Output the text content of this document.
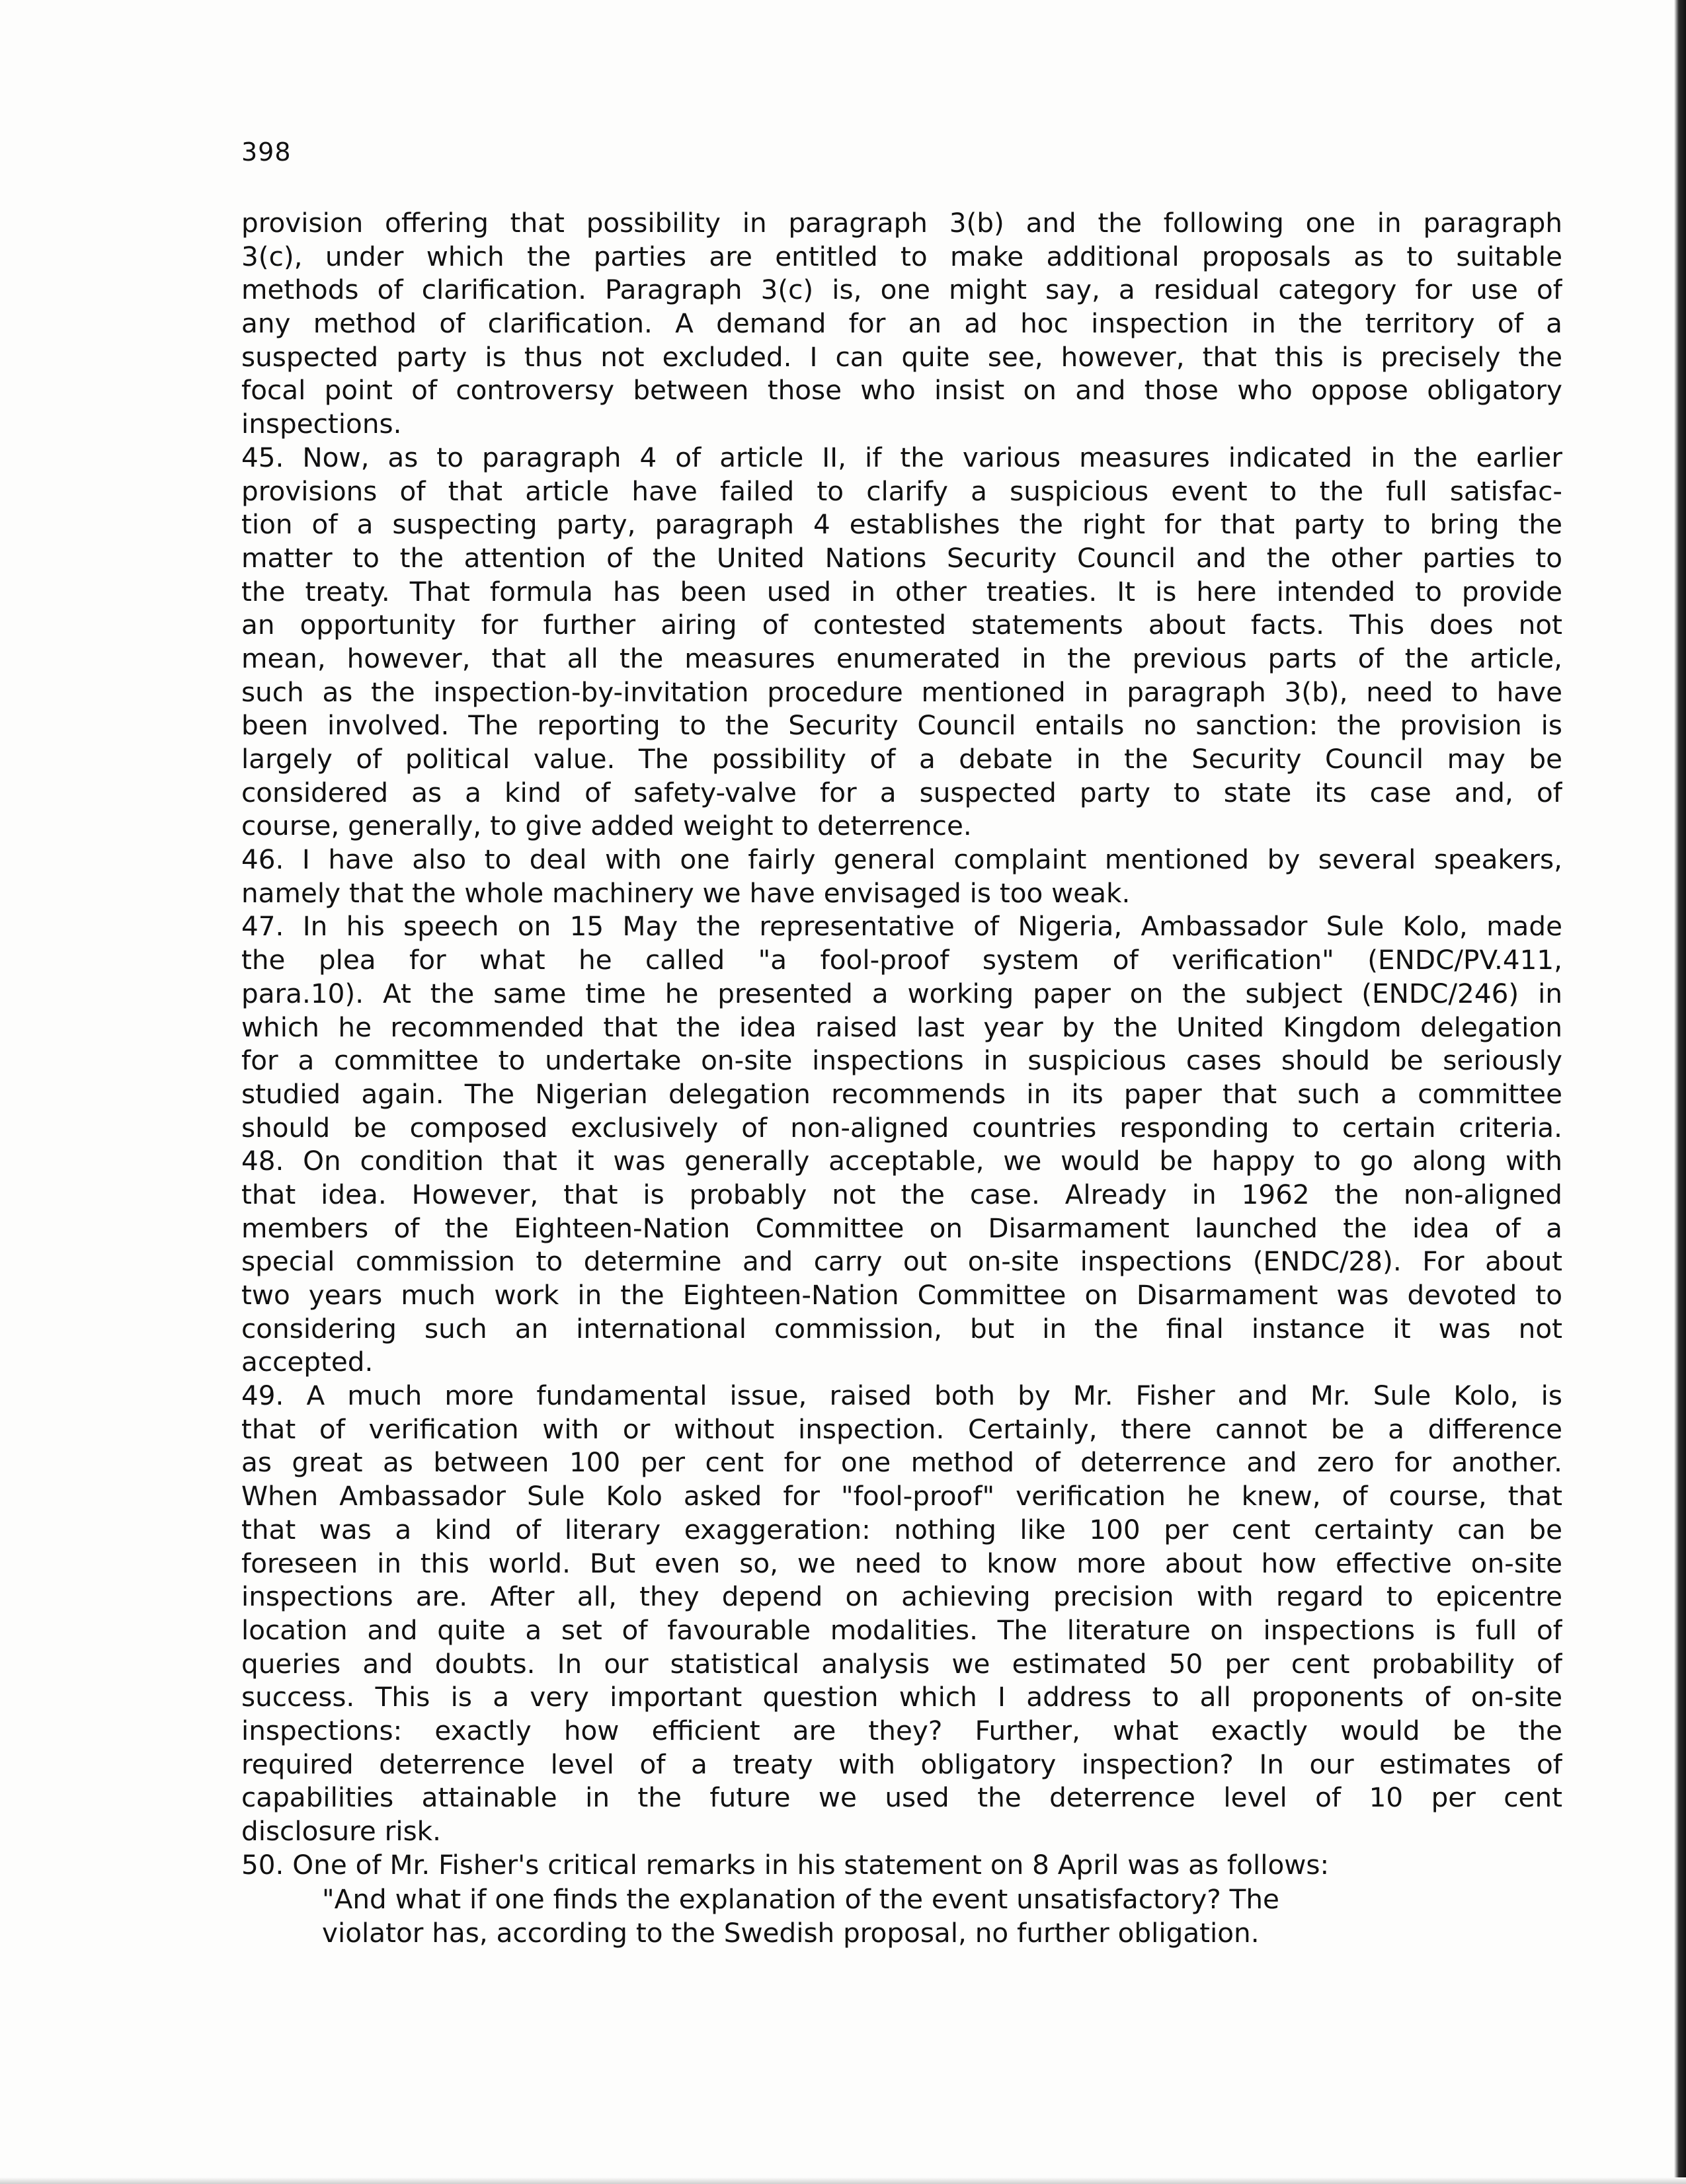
398
provision offering that possibility in paragraph 3(b) and the following one in paragraph
3(c), under which the parties are entitled to make additional proposals as to suitable
methods of clarification. Paragraph 3(c) is, one might say, a residual category for use of
any method of clarification. A demand for an ad hoc inspection in the territory of a
suspected party is thus not excluded. I can quite see, however, that this is precisely the
focal point of controversy between those who insist on and those who oppose obligatory
inspections.
45. Now, as to paragraph 4 of article II, if the various measures indicated in the earlier
provisions of that article have failed to clarify a suspicious event to the full satisfac-
tion of a suspecting party, paragraph 4 establishes the right for that party to bring the
matter to the attention of the United Nations Security Council and the other parties to
the treaty. That formula has been used in other treaties. It is here intended to provide
an opportunity for further airing of contested statements about facts. This does not
mean, however, that all the measures enumerated in the previous parts of the article,
such as the inspection-by-invitation procedure mentioned in paragraph 3(b), need to have
been involved. The reporting to the Security Council entails no sanction: the provision is
largely of political value. The possibility of a debate in the Security Council may be
considered as a kind of safety-valve for a suspected party to state its case and, of
course, generally, to give added weight to deterrence.
46. I have also to deal with one fairly general complaint mentioned by several speakers,
namely that the whole machinery we have envisaged is too weak.
47. In his speech on 15 May the representative of Nigeria, Ambassador Sule Kolo, made
the plea for what he called "a fool-proof system of verification" (ENDC/PV.411,
para.10). At the same time he presented a working paper on the subject (ENDC/246) in
which he recommended that the idea raised last year by the United Kingdom delegation
for a committee to undertake on-site inspections in suspicious cases should be seriously
studied again. The Nigerian delegation recommends in its paper that such a committee
should be composed exclusively of non-aligned countries responding to certain criteria.
48. On condition that it was generally acceptable, we would be happy to go along with
that idea. However, that is probably not the case. Already in 1962 the non-aligned
members of the Eighteen-Nation Committee on Disarmament launched the idea of a
special commission to determine and carry out on-site inspections (ENDC/28). For about
two years much work in the Eighteen-Nation Committee on Disarmament was devoted to
considering such an international commission, but in the final instance it was not
accepted.
49. A much more fundamental issue, raised both by Mr. Fisher and Mr. Sule Kolo, is
that of verification with or without inspection. Certainly, there cannot be a difference
as great as between 100 per cent for one method of deterrence and zero for another.
When Ambassador Sule Kolo asked for "fool-proof" verification he knew, of course, that
that was a kind of literary exaggeration: nothing like 100 per cent certainty can be
foreseen in this world. But even so, we need to know more about how effective on-site
inspections are. After all, they depend on achieving precision with regard to epicentre
location and quite a set of favourable modalities. The literature on inspections is full of
queries and doubts. In our statistical analysis we estimated 50 per cent probability of
success. This is a very important question which I address to all proponents of on-site
inspections: exactly how efficient are they? Further, what exactly would be the
required deterrence level of a treaty with obligatory inspection? In our estimates of
capabilities attainable in the future we used the deterrence level of 10 per cent
disclosure risk.
50. One of Mr. Fisher's critical remarks in his statement on 8 April was as follows:
"And what if one finds the explanation of the event unsatisfactory? The
violator has, according to the Swedish proposal, no further obligation.
